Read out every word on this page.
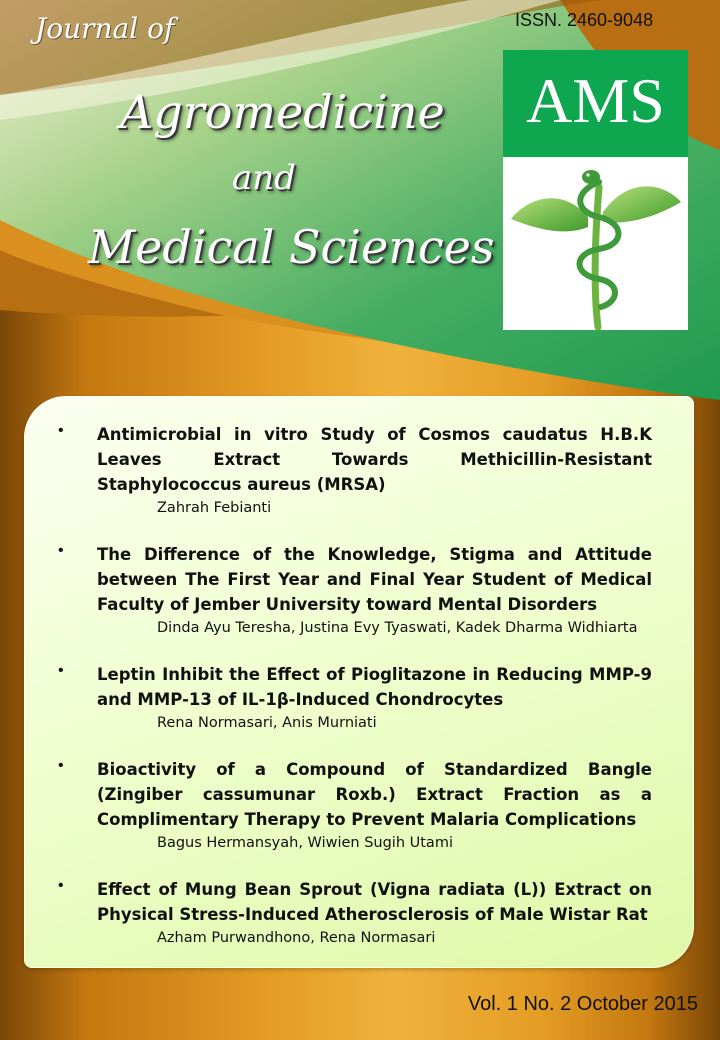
Journal of

Agromedicine

and

Medical Sciences

ISSN. 2460-9048
AMS
• Antimicrobial in vitro Study of Cosmos caudatus H.B.K Leaves Extract Towards Methicillin-Resistant Staphylococcus aureus (MRSA)

Zahrah Febianti

• The Difference of the Knowledge, Stigma and Attitude between The First Year and Final Year Student of Medical Faculty of Jember University toward Mental Disorders

Dinda Ayu Teresha, Justina Evy Tyaswati, Kadek Dharma Widhiarta

• Leptin Inhibit the Effect of Pioglitazone in Reducing MMP-9 and MMP-13 of IL-1β-Induced Chondrocytes

Rena Normasari, Anis Murniati

• Bioactivity of a Compound of Standardized Bangle (Zingiber cassumunar Roxb.) Extract Fraction as a Complimentary Therapy to Prevent Malaria Complications

Bagus Hermansyah, Wiwien Sugih Utami

• Effect of Mung Bean Sprout (Vigna radiata (L)) Extract on Physical Stress-Induced Atherosclerosis of Male Wistar Rat

Azham Purwandhono, Rena Normasari

Vol. 1 No. 2 October 2015
